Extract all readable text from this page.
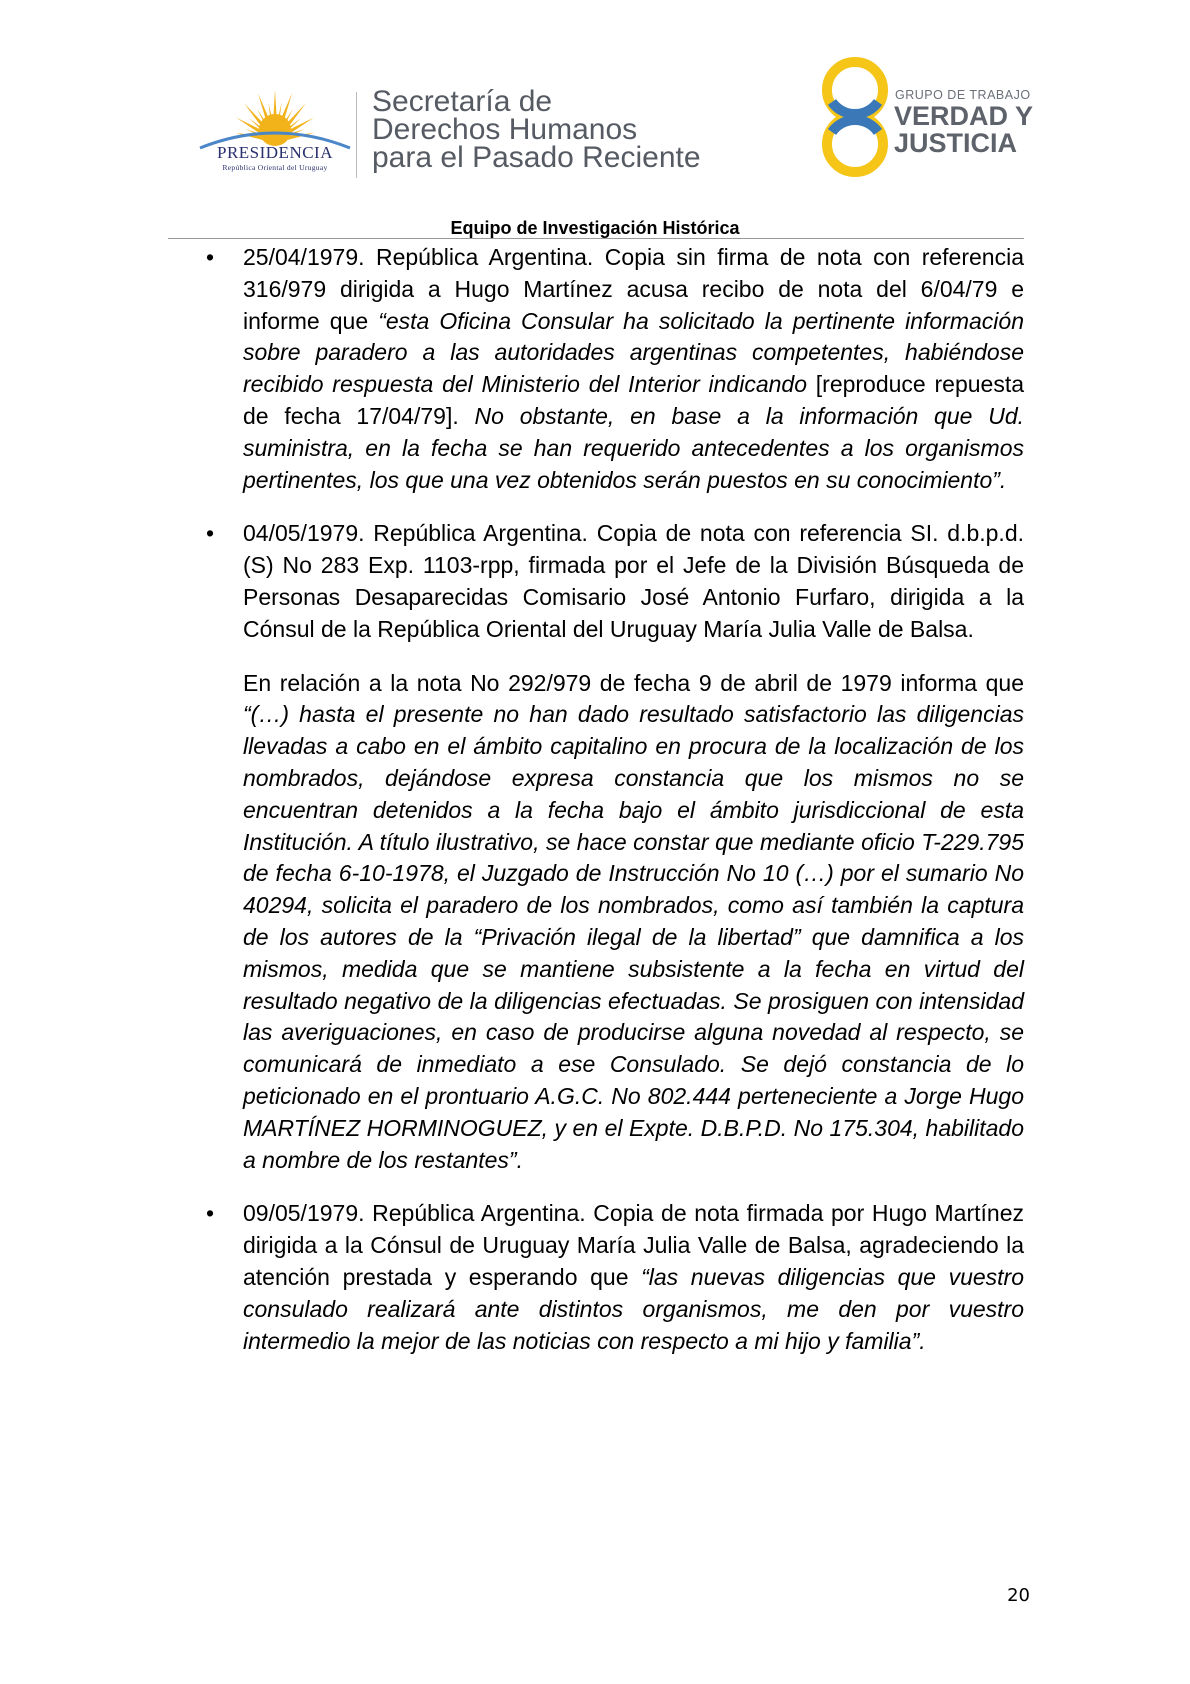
PRESIDENCIA
República Oriental del Uruguay
Secretaría de
Derechos Humanos
para el Pasado Reciente
GRUPO DE TRABAJO
VERDAD Y
JUSTICIA
Equipo de Investigación Histórica
• 25/04/1979. República Argentina. Copia sin firma de nota con referencia 316/979 dirigida a Hugo Martínez acusa recibo de nota del 6/04/79 e informe que “esta Oficina Consular ha solicitado la pertinente información sobre paradero a las autoridades argentinas competentes, habiéndose recibido respuesta del Ministerio del Interior indicando [reproduce repuesta de fecha 17/04/79]. No obstante, en base a la información que Ud. suministra, en la fecha se han requerido antecedentes a los organismos pertinentes, los que una vez obtenidos serán puestos en su conocimiento”.

• 04/05/1979. República Argentina. Copia de nota con referencia SI. d.b.p.d. (S) No 283 Exp. 1103-rpp, firmada por el Jefe de la División Búsqueda de Personas Desaparecidas Comisario José Antonio Furfaro, dirigida a la Cónsul de la República Oriental del Uruguay María Julia Valle de Balsa.

En relación a la nota No 292/979 de fecha 9 de abril de 1979 informa que “(…) hasta el presente no han dado resultado satisfactorio las diligencias llevadas a cabo en el ámbito capitalino en procura de la localización de los nombrados, dejándose expresa constancia que los mismos no se encuentran detenidos a la fecha bajo el ámbito jurisdiccional de esta Institución. A título ilustrativo, se hace constar que mediante oficio T-229.795 de fecha 6-10-1978, el Juzgado de Instrucción No 10 (…) por el sumario No 40294, solicita el paradero de los nombrados, como así también la captura de los autores de la “Privación ilegal de la libertad” que damnifica a los mismos, medida que se mantiene subsistente a la fecha en virtud del resultado negativo de la diligencias efectuadas. Se prosiguen con intensidad las averiguaciones, en caso de producirse alguna novedad al respecto, se comunicará de inmediato a ese Consulado. Se dejó constancia de lo peticionado en el prontuario A.G.C. No 802.444 perteneciente a Jorge Hugo MARTÍNEZ HORMINOGUEZ, y en el Expte. D.B.P.D. No 175.304, habilitado a nombre de los restantes”.

• 09/05/1979. República Argentina. Copia de nota firmada por Hugo Martínez dirigida a la Cónsul de Uruguay María Julia Valle de Balsa, agradeciendo la atención prestada y esperando que “las nuevas diligencias que vuestro consulado realizará ante distintos organismos, me den por vuestro intermedio la mejor de las noticias con respecto a mi hijo y familia”.

20
